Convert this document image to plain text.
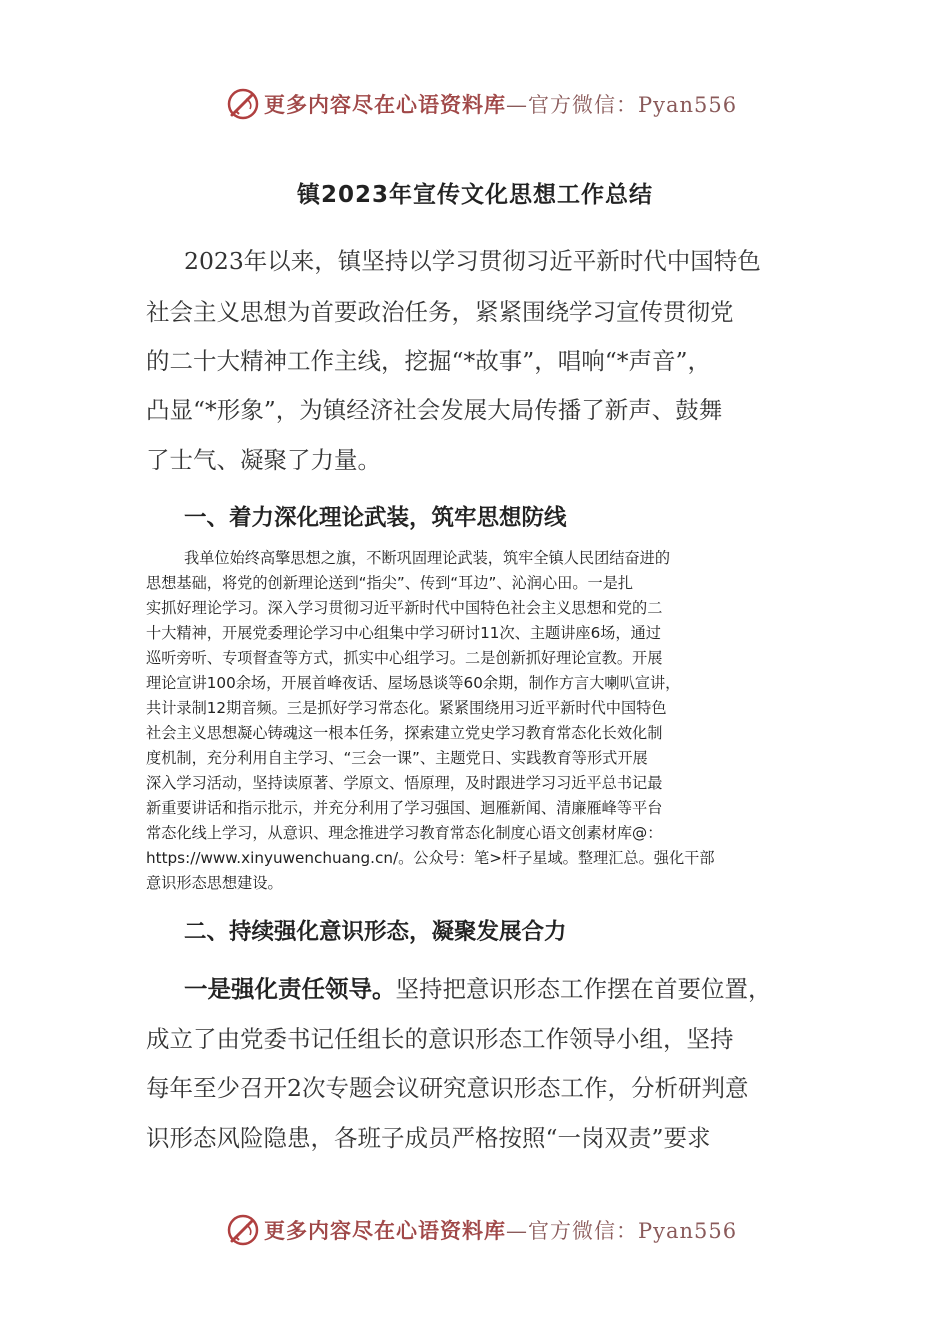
更多内容尽在心语资料库—官方微信：Pyan556
镇2023年宣传文化思想工作总结
2023年以来，镇坚持以学习贯彻习近平新时代中国特色
社会主义思想为首要政治任务，紧紧围绕学习宣传贯彻党
的二十大精神工作主线，挖掘“*故事”，唱响“*声音”，
凸显“*形象”，为镇经济社会发展大局传播了新声、鼓舞
了士气、凝聚了力量。
一、着力深化理论武装，筑牢思想防线
我单位始终高擎思想之旗，不断巩固理论武装，筑牢全镇人民团结奋进的
思想基础，将党的创新理论送到“指尖”、传到“耳边”、沁润心田。一是扎
实抓好理论学习。深入学习贯彻习近平新时代中国特色社会主义思想和党的二
十大精神，开展党委理论学习中心组集中学习研讨11次、主题讲座6场，通过
巡听旁听、专项督查等方式，抓实中心组学习。二是创新抓好理论宣教。开展
理论宣讲100余场，开展首峰夜话、屋场恳谈等60余期，制作方言大喇叭宣讲，
共计录制12期音频。三是抓好学习常态化。紧紧围绕用习近平新时代中国特色
社会主义思想凝心铸魂这一根本任务，探索建立党史学习教育常态化长效化制
度机制，充分利用自主学习、“三会一课”、主题党日、实践教育等形式开展
深入学习活动，坚持读原著、学原文、悟原理，及时跟进学习习近平总书记最
新重要讲话和指示批示，并充分利用了学习强国、迴雁新闻、清廉雁峰等平台
常态化线上学习，从意识、理念推进学习教育常态化制度心语文创素材库@：
https://www.xinyuwenchuang.cn/。公众号：笔>杆子星域。整理汇总。强化干部
意识形态思想建设。
二、持续强化意识形态，凝聚发展合力
一是强化责任领导。坚持把意识形态工作摆在首要位置，
成立了由党委书记任组长的意识形态工作领导小组，坚持
每年至少召开2次专题会议研究意识形态工作，分析研判意
识形态风险隐患，各班子成员严格按照“一岗双责”要求
更多内容尽在心语资料库—官方微信：Pyan556
